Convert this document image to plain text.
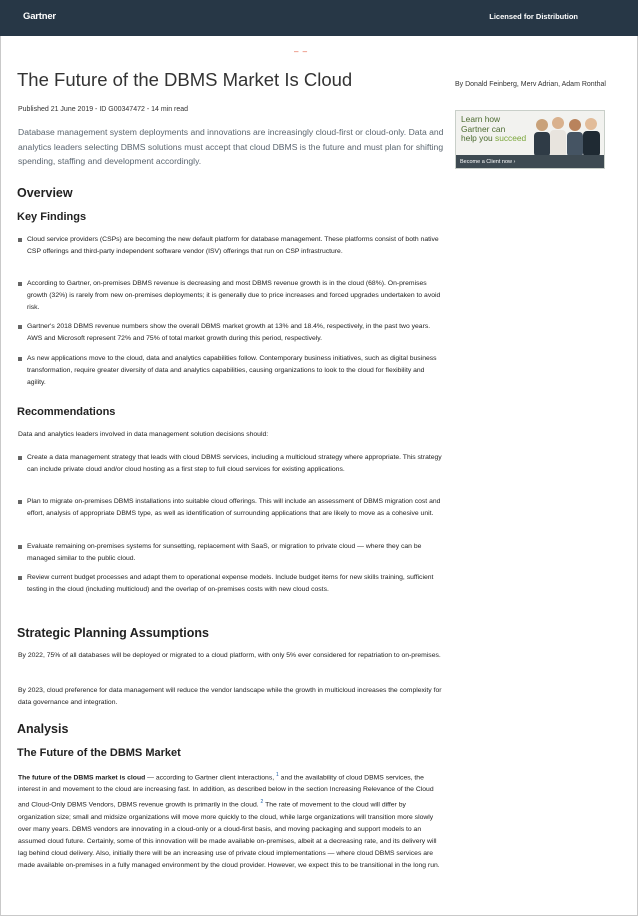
Gartner	Licensed for Distribution
– –
The Future of the DBMS Market Is Cloud	By Donald Feinberg, Merv Adrian, Adam Ronthal
Published 21 June 2019 - ID G00347472 - 14 min read

Database management system deployments and innovations are increasingly cloud-first or cloud-only. Data and analytics leaders selecting DBMS solutions must accept that cloud DBMS is the future and must plan for shifting spending, staffing and development accordingly.

Learn how
Gartner can
help you succeed
Become a Client now ›
Overview
Key Findings
Cloud service providers (CSPs) are becoming the new default platform for database management. These platforms consist of both native CSP offerings and third-party independent software vendor (ISV) offerings that run on CSP infrastructure.
According to Gartner, on-premises DBMS revenue is decreasing and most DBMS revenue growth is in the cloud (68%). On-premises growth (32%) is rarely from new on-premises deployments; it is generally due to price increases and forced upgrades undertaken to avoid risk.
Gartner's 2018 DBMS revenue numbers show the overall DBMS market growth at 13% and 18.4%, respectively, in the past two years. AWS and Microsoft represent 72% and 75% of total market growth during this period, respectively.
As new applications move to the cloud, data and analytics capabilities follow. Contemporary business initiatives, such as digital business transformation, require greater diversity of data and analytics capabilities, causing organizations to look to the cloud for flexibility and agility.
Recommendations
Data and analytics leaders involved in data management solution decisions should:
Create a data management strategy that leads with cloud DBMS services, including a multicloud strategy where appropriate. This strategy can include private cloud and/or cloud hosting as a first step to full cloud services for existing applications.
Plan to migrate on-premises DBMS installations into suitable cloud offerings. This will include an assessment of DBMS migration cost and effort, analysis of appropriate DBMS type, as well as identification of surrounding applications that are likely to move as a cohesive unit.
Evaluate remaining on-premises systems for sunsetting, replacement with SaaS, or migration to private cloud — where they can be managed similar to the public cloud.
Review current budget processes and adapt them to operational expense models. Include budget items for new skills training, sufficient testing in the cloud (including multicloud) and the overlap of on-premises costs with new cloud costs.
Strategic Planning Assumptions
By 2022, 75% of all databases will be deployed or migrated to a cloud platform, with only 5% ever considered for repatriation to on-premises.
By 2023, cloud preference for data management will reduce the vendor landscape while the growth in multicloud increases the complexity for data governance and integration.
Analysis
The Future of the DBMS Market
The future of the DBMS market is cloud — according to Gartner client interactions, $^1$ and the availability of cloud DBMS services, the interest in and movement to the cloud are increasing fast. In addition, as described below in the section Increasing Relevance of the Cloud and Cloud-Only DBMS Vendors, DBMS revenue growth is primarily in the cloud. $^2$ The rate of movement to the cloud will differ by organization size; small and midsize organizations will move more quickly to the cloud, while large organizations will transition more slowly over many years. DBMS vendors are innovating in a cloud-only or a cloud-first basis, and moving packaging and support models to an assumed cloud future. Certainly, some of this innovation will be made available on-premises, albeit at a decreasing rate, and its delivery will lag behind cloud delivery. Also, initially there will be an increasing use of private cloud implementations — where cloud DBMS services are made available on-premises in a fully managed environment by the cloud provider. However, we expect this to be transitional in the long run.
